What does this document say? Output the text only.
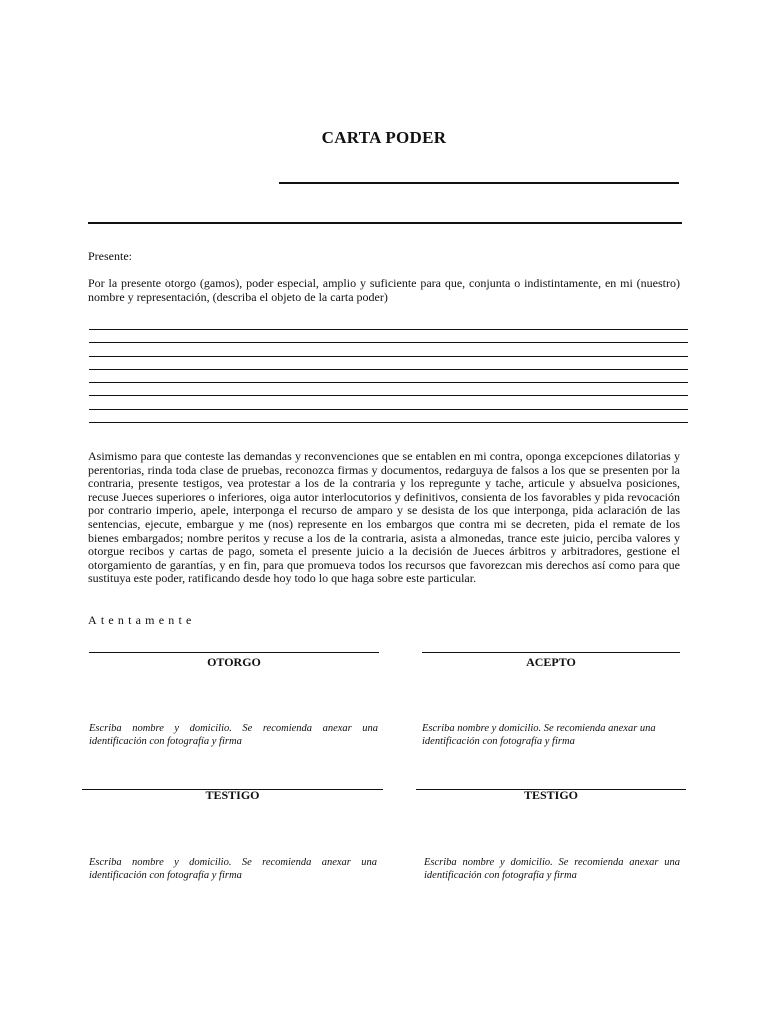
CARTA PODER
Presente:

Por la presente otorgo (gamos), poder especial, amplio y suficiente para que, conjunta o indistintamente, en mi (nuestro) nombre y representación, (describa el objeto de la carta poder)

Asimismo para que conteste las demandas y reconvenciones que se entablen en mi contra, oponga excepciones dilatorias y perentorias, rinda toda clase de pruebas, reconozca firmas y documentos, redarguya de falsos a los que se presenten por la contraria, presente testigos, vea protestar a los de la contraria y los repregunte y tache, articule y absuelva posiciones, recuse Jueces superiores o inferiores, oiga autor interlocutorios y definitivos, consienta de los favorables y pida revocación por contrario imperio, apele, interponga el recurso de amparo y se desista de los que interponga, pida aclaración de las sentencias, ejecute, embargue y me (nos) represente en los embargos que contra mi se decreten, pida el remate de los bienes embargados; nombre peritos y recuse a los de la contraria, asista a almonedas, trance este juicio, perciba valores y otorgue recibos y cartas de pago, someta el presente juicio a la decisión de Jueces árbitros y arbitradores, gestione el otorgamiento de garantías, y en fin, para que promueva todos los recursos que favorezcan mis derechos así como para que sustituya este poder, ratificando desde hoy todo lo que haga sobre este particular.

Atentamente
OTORGO

Escriba nombre y domicilio. Se recomienda anexar una identificación con fotografía y firma

ACEPTO

Escriba nombre y domicilio. Se recomienda anexar una identificación con fotografía y firma

TESTIGO

Escriba nombre y domicilio. Se recomienda anexar una identificación con fotografía y firma

TESTIGO

Escriba nombre y domicilio. Se recomienda anexar una identificación con fotografía y firma
